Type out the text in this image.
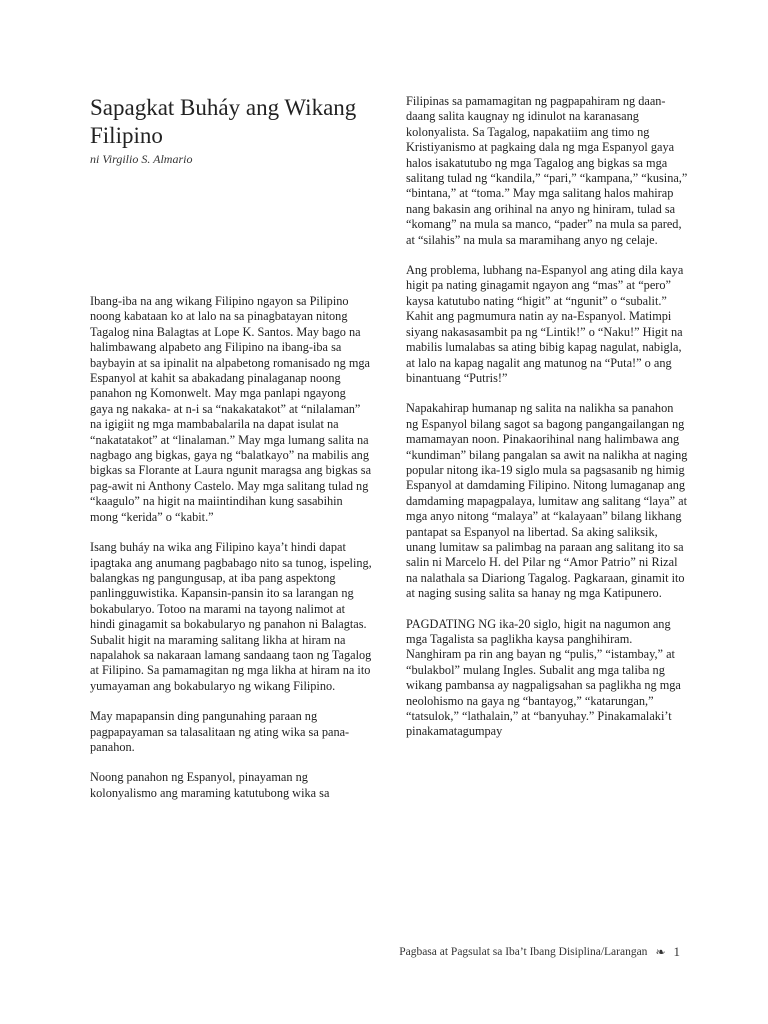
Sapagkat Buháy ang Wikang Filipino
ni Virgilio S. Almario

Ibang-iba na ang wikang Filipino ngayon sa Pilipino noong kabataan ko at lalo na sa pinagbatayan nitong Tagalog nina Balagtas at Lope K. Santos. May bago na halimbawang alpabeto ang Filipino na ibang-iba sa baybayin at sa ipinalit na alpabetong romanisado ng mga Espanyol at kahit sa abakadang pinalaganap noong panahon ng Komonwelt. May mga panlapi ngayong gaya ng nakaka- at n-i sa “nakakatakot” at “nilalaman” na igigiit ng mga mambabalarila na dapat isulat na “nakatatakot” at “linalaman.” May mga lumang salita na nagbago ang bigkas, gaya ng “balatkayo” na mabilis ang bigkas sa Florante at Laura ngunit maragsa ang bigkas sa pag-awit ni Anthony Castelo. May mga salitang tulad ng “kaagulo” na higit na maiintindihan kung sasabihin mong “kerida” o “kabit.”

Isang buháy na wika ang Filipino kaya’t hindi dapat ipagtaka ang anumang pagbabago nito sa tunog, ispeling, balangkas ng pangungusap, at iba pang aspektong panlingguwistika. Kapansin-pansin ito sa larangan ng bokabularyo. Totoo na marami na tayong nalimot at hindi ginagamit sa bokabularyo ng panahon ni Balagtas. Subalit higit na maraming salitang likha at hiram na napalahok sa nakaraan lamang sandaang taon ng Tagalog at Filipino. Sa pamamagitan ng mga likha at hiram na ito yumayaman ang bokabularyo ng wikang Filipino.

May mapapansin ding pangunahing paraan ng pagpapayaman sa talasalitaan ng ating wika sa pana-panahon.

Noong panahon ng Espanyol, pinayaman ng kolonyalismo ang maraming katutubong wika sa

Filipinas sa pamamagitan ng pagpapahiram ng daan-daang salita kaugnay ng idinulot na karanasang kolonyalista. Sa Tagalog, napakatiim ang timo ng Kristiyanismo at pagkaing dala ng mga Espanyol gaya halos isakatutubo ng mga Tagalog ang bigkas sa mga salitang tulad ng “kandila,” “pari,” “kampana,” “kusina,” “bintana,” at “toma.” May mga salitang halos mahirap nang bakasin ang orihinal na anyo ng hiniram, tulad sa “komang” na mula sa manco, “pader” na mula sa pared, at “silahis” na mula sa maramihang anyo ng celaje.

Ang problema, lubhang na-Espanyol ang ating dila kaya higit pa nating ginagamit ngayon ang “mas” at “pero” kaysa katutubo nating “higit” at “ngunit” o “subalit.” Kahit ang pagmumura natin ay na-Espanyol. Matimpi siyang nakasasambit pa ng “Lintik!” o “Naku!” Higit na mabilis lumalabas sa ating bibig kapag nagulat, nabigla, at lalo na kapag nagalit ang matunog na “Puta!” o ang binantuang “Putris!”

Napakahirap humanap ng salita na nalikha sa panahon ng Espanyol bilang sagot sa bagong pangangailangan ng mamamayan noon. Pinakaorihinal nang halimbawa ang “kundiman” bilang pangalan sa awit na nalikha at naging popular nitong ika-19 siglo mula sa pagsasanib ng himig Espanyol at damdaming Filipino. Nitong lumaganap ang damdaming mapagpalaya, lumitaw ang salitang “laya” at mga anyo nitong “malaya” at “kalayaan” bilang likhang pantapat sa Espanyol na libertad. Sa aking saliksik, unang lumitaw sa palimbag na paraan ang salitang ito sa salin ni Marcelo H. del Pilar ng “Amor Patrio” ni Rizal na nalathala sa Diariong Tagalog. Pagkaraan, ginamit ito at naging susing salita sa hanay ng mga Katipunero.

PAGDATING NG ika-20 siglo, higit na nagumon ang mga Tagalista sa paglikha kaysa panghihiram. Nanghiram pa rin ang bayan ng “pulis,” “istambay,” at “bulakbol” mulang Ingles. Subalit ang mga taliba ng wikang pambansa ay nagpaligsahan sa paglikha ng mga neolohismo na gaya ng “bantayog,” “katarungan,” “tatsulok,” “lathalain,” at “banyuhay.” Pinakamalaki’t pinakamatagumpay

Pagbasa at Pagsulat sa Iba’t Ibang Disiplina/Larangan ❧ 1
